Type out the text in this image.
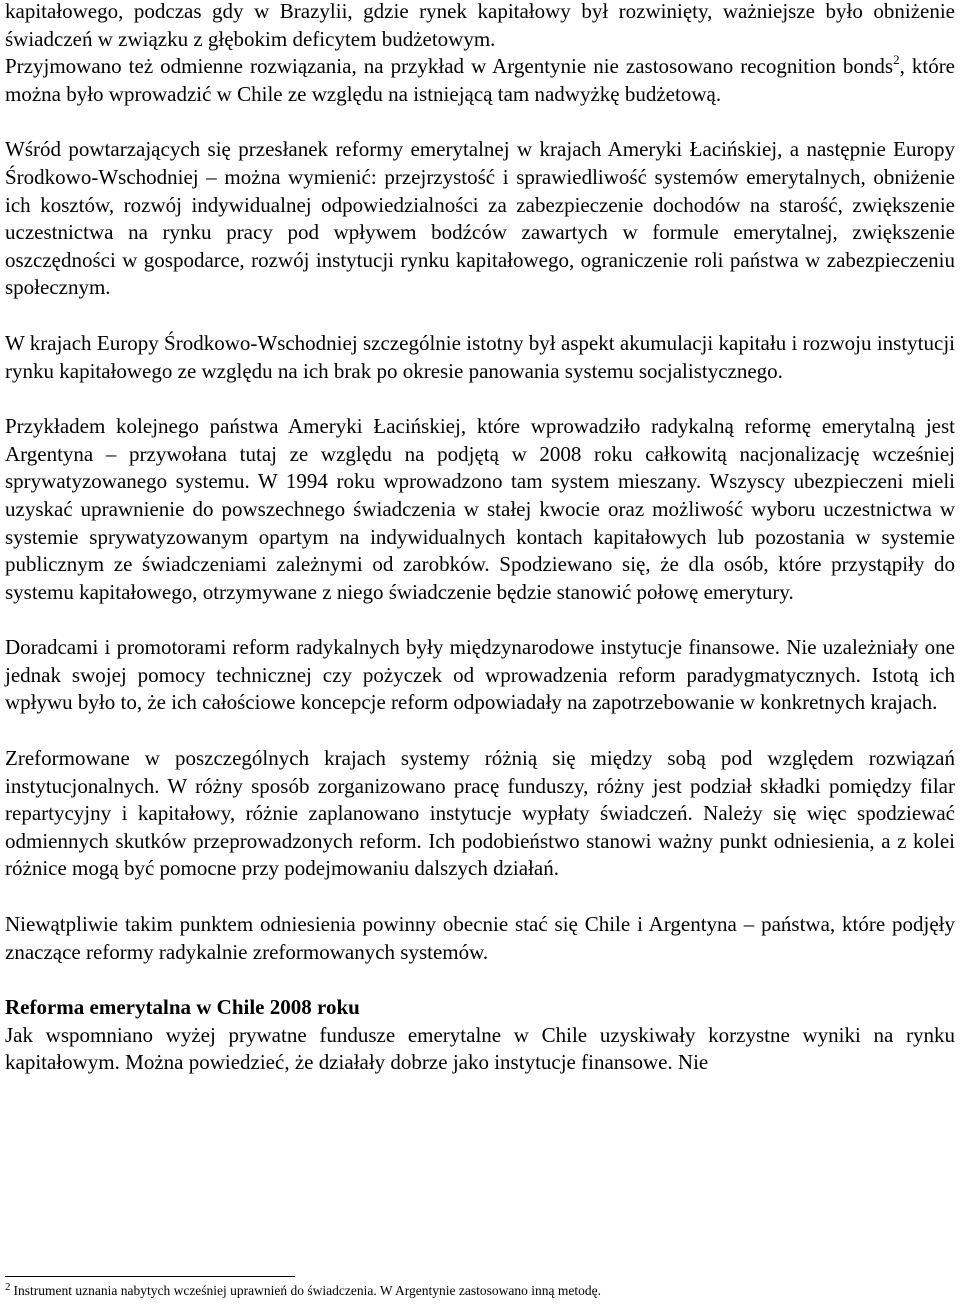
kapitałowego, podczas gdy w Brazylii, gdzie rynek kapitałowy był rozwinięty, ważniejsze było obniżenie świadczeń w związku z głębokim deficytem budżetowym.

Przyjmowano też odmienne rozwiązania, na przykład w Argentynie nie zastosowano recognition bonds$^2$, które można było wprowadzić w Chile ze względu na istniejącą tam nadwyżkę budżetową.

Wśród powtarzających się przesłanek reformy emerytalnej w krajach Ameryki Łacińskiej, a następnie Europy Środkowo-Wschodniej – można wymienić: przejrzystość i sprawiedliwość systemów emerytalnych, obniżenie ich kosztów, rozwój indywidualnej odpowiedzialności za zabezpieczenie dochodów na starość, zwiększenie uczestnictwa na rynku pracy pod wpływem bodźców zawartych w formule emerytalnej, zwiększenie oszczędności w gospodarce, rozwój instytucji rynku kapitałowego, ograniczenie roli państwa w zabezpieczeniu społecznym.

W krajach Europy Środkowo-Wschodniej szczególnie istotny był aspekt akumulacji kapitału i rozwoju instytucji rynku kapitałowego ze względu na ich brak po okresie panowania systemu socjalistycznego.

Przykładem kolejnego państwa Ameryki Łacińskiej, które wprowadziło radykalną reformę emerytalną jest Argentyna – przywołana tutaj ze względu na podjętą w 2008 roku całkowitą nacjonalizację wcześniej sprywatyzowanego systemu. W 1994 roku wprowadzono tam system mieszany. Wszyscy ubezpieczeni mieli uzyskać uprawnienie do powszechnego świadczenia w stałej kwocie oraz możliwość wyboru uczestnictwa w systemie sprywatyzowanym opartym na indywidualnych kontach kapitałowych lub pozostania w systemie publicznym ze świadczeniami zależnymi od zarobków. Spodziewano się, że dla osób, które przystąpiły do systemu kapitałowego, otrzymywane z niego świadczenie będzie stanowić połowę emerytury.

Doradcami i promotorami reform radykalnych były międzynarodowe instytucje finansowe. Nie uzależniały one jednak swojej pomocy technicznej czy pożyczek od wprowadzenia reform paradygmatycznych. Istotą ich wpływu było to, że ich całościowe koncepcje reform odpowiadały na zapotrzebowanie w konkretnych krajach.

Zreformowane w poszczególnych krajach systemy różnią się między sobą pod względem rozwiązań instytucjonalnych. W różny sposób zorganizowano pracę funduszy, różny jest podział składki pomiędzy filar repartycyjny i kapitałowy, różnie zaplanowano instytucje wypłaty świadczeń. Należy się więc spodziewać odmiennych skutków przeprowadzonych reform. Ich podobieństwo stanowi ważny punkt odniesienia, a z kolei różnice mogą być pomocne przy podejmowaniu dalszych działań.

Niewątpliwie takim punktem odniesienia powinny obecnie stać się Chile i Argentyna – państwa, które podjęły znaczące reformy radykalnie zreformowanych systemów.

Reforma emerytalna w Chile 2008 roku

Jak wspomniano wyżej prywatne fundusze emerytalne w Chile uzyskiwały korzystne wyniki na rynku kapitałowym. Można powiedzieć, że działały dobrze jako instytucje finansowe. Nie

$^2$ Instrument uznania nabytych wcześniej uprawnień do świadczenia. W Argentynie zastosowano inną metodę.
